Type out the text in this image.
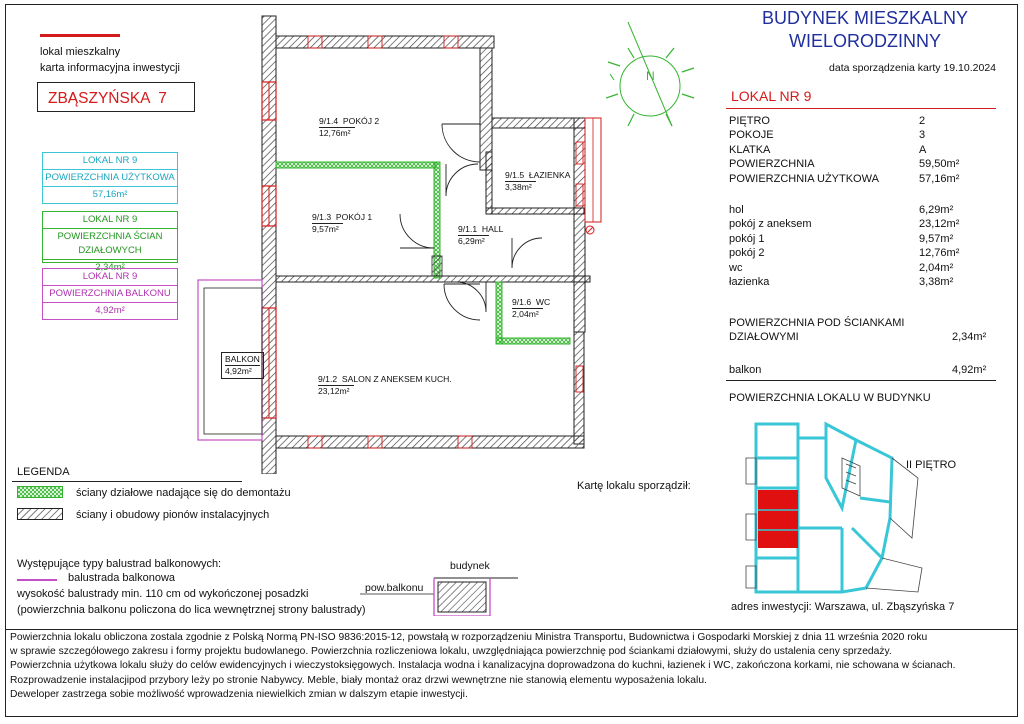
lokal mieszkalny
karta informacyjna inwestycji
ZBĄSZYŃSKA  7
LOKAL NR 9
POWIERZCHNIA UŻYTKOWA
57,16m²
LOKAL NR 9
POWIERZCHNIA ŚCIAN DZIAŁOWYCH
2,34m²
LOKAL NR 9
POWIERZCHNIA BALKONU
4,92m²
9/1.4 POKÓJ 2
12,76m²
9/1.5 ŁAZIENKA
3,38m²
9/1.3 POKÓJ 1
9,57m²	9/1.1 HALL
6,29m²
9/1.6 WC
2,04m²
9/1.2 SALON Z ANEKSEM KUCH.
23,12m²
BALKON
4,92m²
N
BUDYNEK MIESZKALNY
WIELORODZINNY
data sporządzenia karty 19.10.2024
LOKAL NR 9
PIĘTRO	2
POKOJE	3
KLATKA	A
POWIERZCHNIA	59,50m²
POWIERZCHNIA UŻYTKOWA	57,16m²
hol	6,29m²
pokój z aneksem	23,12m²
pokój 1	9,57m²
pokój 2	12,76m²
wc	2,04m²
łazienka	3,38m²
POWIERZCHNIA POD ŚCIANKAMI
DZIAŁOWYMI	2,34m²
balkon	4,92m²
POWIERZCHNIA LOKALU W BUDYNKU
II PIĘTRO
adres inwestycji: Warszawa, ul. Zbąszyńska 7
LEGENDA
ściany działowe nadające się do demontażu
ściany i obudowy pionów instalacyjnych
Kartę lokalu sporządził:
Występujące typy balustrad balkonowych:
balustrada balkonowa
wysokość balustrady min. 110 cm od wykończonej posadzki
(powierzchnia balkonu policzona do lica wewnętrznej strony balustrady)
budynek
pow.balkonu
Powierzchnia lokalu obliczona zostala zgodnie z Polską Normą PN-ISO 9836:2015-12, powstałą w rozporządzeniu Ministra Transportu, Budownictwa i Gospodarki Morskiej z dnia 11 września 2020 roku
w sprawie szczegółowego zakresu i formy projektu budowlanego. Powierzchnia rozliczeniowa lokalu, uwzględniająca powierzchnię pod ściankami działowymi, służy do ustalenia ceny sprzedaży.
Powierzchnia użytkowa lokalu służy do celów ewidencyjnych i wieczystoksięgowych. Instalacja wodna i kanalizacyjna doprowadzona do kuchni, łazienek i WC, zakończona korkami, nie schowana w ścianach.
Rozprowadzenie instalacjipod przybory leży po stronie Nabywcy. Meble, biały montaż oraz drzwi wewnętrzne nie stanowią elementu wyposażenia lokalu.
Deweloper zastrzega sobie możliwość wprowadzenia niewielkich zmian w dalszym etapie inwestycji.
